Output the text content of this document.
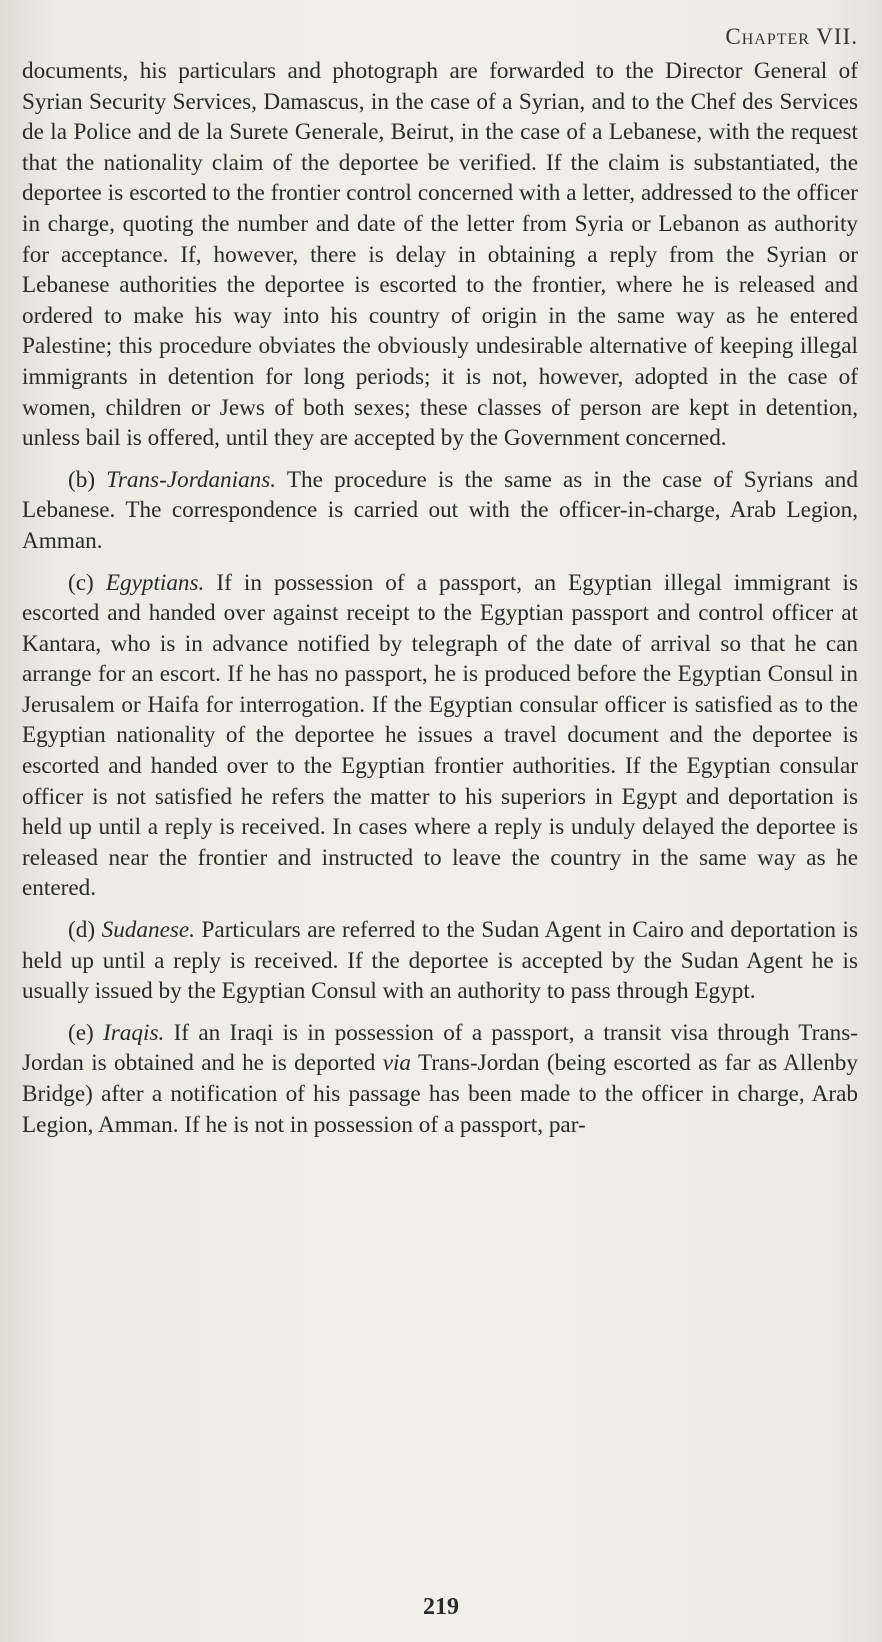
Chapter VII.

documents, his particulars and photograph are forwarded to the Director General of Syrian Security Services, Damascus, in the case of a Syrian, and to the Chef des Services de la Police and de la Surete Generale, Beirut, in the case of a Lebanese, with the request that the nationality claim of the deportee be verified. If the claim is substantiated, the deportee is escorted to the frontier control concerned with a letter, addressed to the officer in charge, quoting the number and date of the letter from Syria or Lebanon as authority for acceptance. If, however, there is delay in obtaining a reply from the Syrian or Lebanese authorities the deportee is escorted to the frontier, where he is released and ordered to make his way into his country of origin in the same way as he entered Palestine; this procedure obviates the obviously undesirable alternative of keeping illegal immigrants in detention for long periods; it is not, however, adopted in the case of women, children or Jews of both sexes; these classes of person are kept in detention, unless bail is offered, until they are accepted by the Government concerned.

(b) Trans-Jordanians. The procedure is the same as in the case of Syrians and Lebanese. The correspondence is carried out with the officer-in-charge, Arab Legion, Amman.

(c) Egyptians. If in possession of a passport, an Egyptian illegal immigrant is escorted and handed over against receipt to the Egyptian passport and control officer at Kantara, who is in advance notified by telegraph of the date of arrival so that he can arrange for an escort. If he has no passport, he is produced before the Egyptian Consul in Jerusalem or Haifa for interrogation. If the Egyptian consular officer is satisfied as to the Egyptian nationality of the deportee he issues a travel document and the deportee is escorted and handed over to the Egyptian frontier authorities. If the Egyptian consular officer is not satisfied he refers the matter to his superiors in Egypt and deportation is held up until a reply is received. In cases where a reply is unduly delayed the deportee is released near the frontier and instructed to leave the country in the same way as he entered.

(d) Sudanese. Particulars are referred to the Sudan Agent in Cairo and deportation is held up until a reply is received. If the deportee is accepted by the Sudan Agent he is usually issued by the Egyptian Consul with an authority to pass through Egypt.

(e) Iraqis. If an Iraqi is in possession of a passport, a transit visa through Trans-Jordan is obtained and he is deported via Trans-Jordan (being escorted as far as Allenby Bridge) after a notification of his passage has been made to the officer in charge, Arab Legion, Amman. If he is not in possession of a passport, par-

219
